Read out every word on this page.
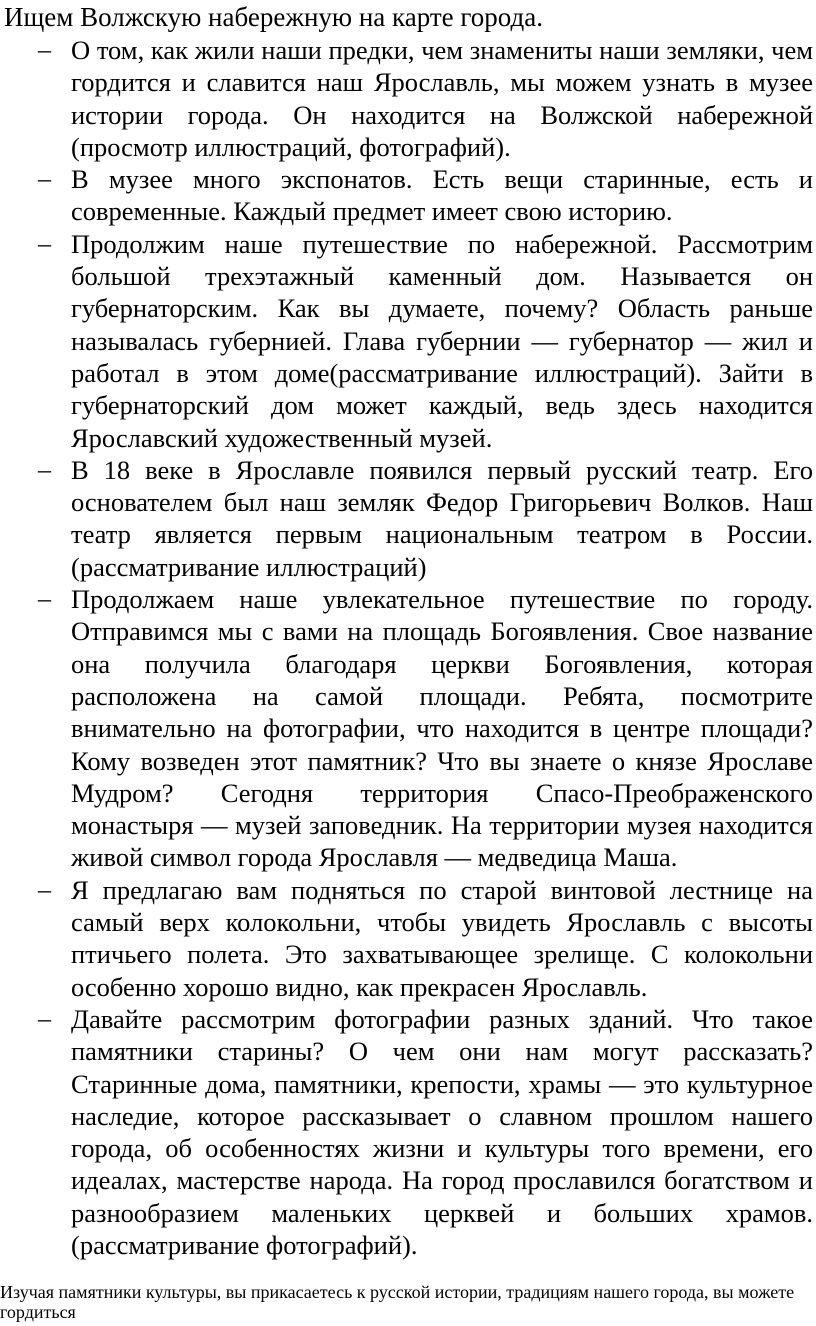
Ищем Волжскую набережную на карте города.
– О том, как жили наши предки, чем знамениты наши земляки, чем гордится и славится наш Ярославль, мы можем узнать в музее истории города. Он находится на Волжской набережной (просмотр иллюстраций, фотографий).
– В музее много экспонатов. Есть вещи старинные, есть и современные. Каждый предмет имеет свою историю.
– Продолжим наше путешествие по набережной. Рассмотрим большой трехэтажный каменный дом. Называется он губернаторским. Как вы думаете, почему? Область раньше называлась губернией. Глава губернии — губернатор — жил и работал в этом доме(рассматривание иллюстраций). Зайти в губернаторский дом может каждый, ведь здесь находится Ярославский художественный музей.
– В 18 веке в Ярославле появился первый русский театр. Его основателем был наш земляк Федор Григорьевич Волков. Наш театр является первым национальным театром в России. (рассматривание иллюстраций)
– Продолжаем наше увлекательное путешествие по городу. Отправимся мы с вами на площадь Богоявления. Свое название она получила благодаря церкви Богоявления, которая расположена на самой площади. Ребята, посмотрите внимательно на фотографии, что находится в центре площади? Кому возведен этот памятник? Что вы знаете о князе Ярославе Мудром? Сегодня территория Спасо-Преображенского монастыря — музей заповедник. На территории музея находится живой символ города Ярославля — медведица Маша.
– Я предлагаю вам подняться по старой винтовой лестнице на самый верх колокольни, чтобы увидеть Ярославль с высоты птичьего полета. Это захватывающее зрелище. С колокольни особенно хорошо видно, как прекрасен Ярославль.
– Давайте рассмотрим фотографии разных зданий. Что такое памятники старины? О чем они нам могут рассказать? Старинные дома, памятники, крепости, храмы — это культурное наследие, которое рассказывает о славном прошлом нашего города, об особенностях жизни и культуры того времени, его идеалах, мастерстве народа. На город прославился богатством и разнообразием маленьких церквей и больших храмов. (рассматривание фотографий).
Изучая памятники культуры, вы прикасаетесь к русской истории, традициям нашего города, вы можете гордиться
